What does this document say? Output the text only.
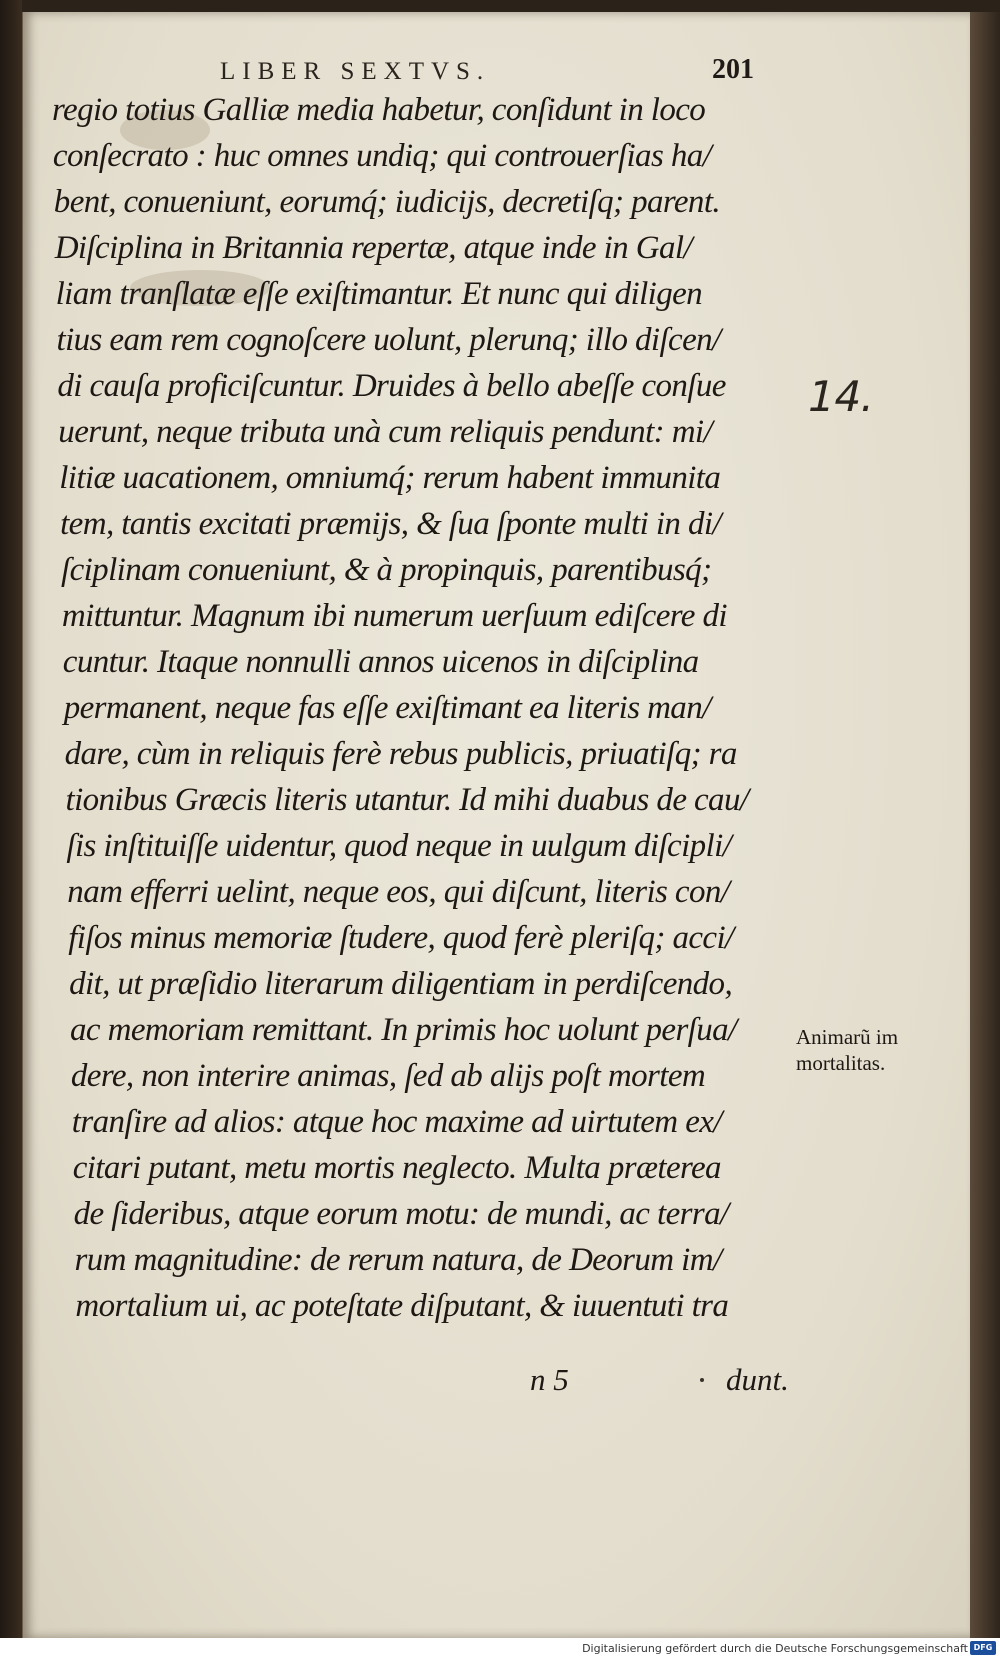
LIBER SEXTVS.	201
regio totius Galliæ media habetur, conſidunt in loco
conſecrato : huc omnes undiq; qui controuerſias ha/
bent, conueniunt, eorumq́; iudicijs, decretiſq; parent.
Diſciplina in Britannia repertæ, atque inde in Gal/
liam tranſlatæ eſſe exiſtimantur. Et nunc qui diligen
tius eam rem cognoſcere uolunt, plerunq; illo diſcen/
di cauſa proficiſcuntur. Druides à bello abeſſe conſue
uerunt, neque tributa unà cum reliquis pendunt: mi/
litiæ uacationem, omniumq́; rerum habent immunita
tem, tantis excitati præmijs, & ſua ſponte multi in di/
ſciplinam conueniunt, & à propinquis, parentibusq́;
mittuntur. Magnum ibi numerum uerſuum ediſcere di
cuntur. Itaque nonnulli annos uicenos in diſciplina
permanent, neque fas eſſe exiſtimant ea literis man/
dare, cùm in reliquis ferè rebus publicis, priuatiſq; ra
tionibus Græcis literis utantur. Id mihi duabus de cau/
ſis inſtituiſſe uidentur, quod neque in uulgum diſcipli/
nam efferri uelint, neque eos, qui diſcunt, literis con/
fiſos minus memoriæ ſtudere, quod ferè pleriſq; acci/
dit, ut præſidio literarum diligentiam in perdiſcendo,
ac memoriam remittant. In primis hoc uolunt perſua/
dere, non interire animas, ſed ab alijs poſt mortem
tranſire ad alios: atque hoc maxime ad uirtutem ex/
citari putant, metu mortis neglecto. Multa præterea
de ſideribus, atque eorum motu: de mundi, ac terra/
rum magnitudine: de rerum natura, de Deorum im/
mortalium ui, ac poteſtate diſputant, & iuuentuti tra
n 5	dunt.
14.
Animarũ im
mortalitas.
Digitalisierung gefördert durch die Deutsche Forschungsgemeinschaft DFG
